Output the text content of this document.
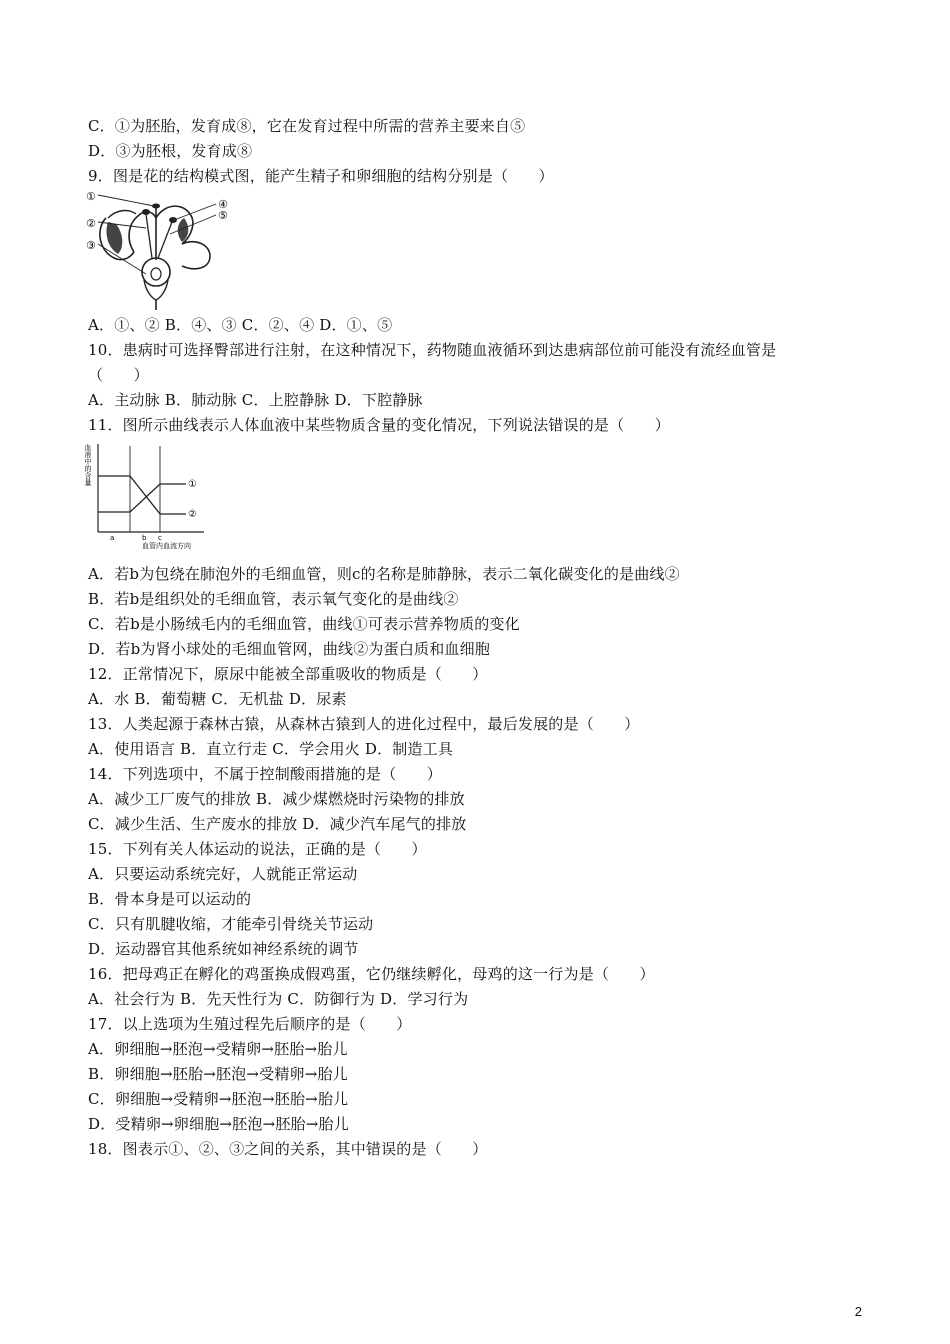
C．①为胚胎，发育成⑧，它在发育过程中所需的营养主要来自⑤
D．③为胚根，发育成⑧
9．图是花的结构模式图，能产生精子和卵细胞的结构分别是（　　）
①
②
③
④
⑤
A．①、② B．④、③ C．②、④ D．①、⑤
10．患病时可选择臀部进行注射，在这种情况下，药物随血液循环到达患病部位前可能没有流经血管是
（　　）
A．主动脉 B．肺动脉 C．上腔静脉 D．下腔静脉
11．图所示曲线表示人体血液中某些物质含量的变化情况，下列说法错误的是（　　）
血液中的含量	①
②
a	b c
血管内血流方向
A．若b为包绕在肺泡外的毛细血管，则c的名称是肺静脉，表示二氧化碳变化的是曲线②
B．若b是组织处的毛细血管，表示氧气变化的是曲线②
C．若b是小肠绒毛内的毛细血管，曲线①可表示营养物质的变化
D．若b为肾小球处的毛细血管网，曲线②为蛋白质和血细胞
12．正常情况下，原尿中能被全部重吸收的物质是（　　）
A．水 B．葡萄糖 C．无机盐 D．尿素
13．人类起源于森林古猿，从森林古猿到人的进化过程中，最后发展的是（　　）
A．使用语言 B．直立行走 C．学会用火 D．制造工具
14．下列选项中，不属于控制酸雨措施的是（　　）
A．减少工厂废气的排放 B．减少煤燃烧时污染物的排放
C．减少生活、生产废水的排放 D．减少汽车尾气的排放
15．下列有关人体运动的说法，正确的是（　　）
A．只要运动系统完好，人就能正常运动
B．骨本身是可以运动的
C．只有肌腱收缩，才能牵引骨绕关节运动
D．运动器官其他系统如神经系统的调节
16．把母鸡正在孵化的鸡蛋换成假鸡蛋，它仍继续孵化，母鸡的这一行为是（　　）
A．社会行为 B．先天性行为 C．防御行为 D．学习行为
17．以上选项为生殖过程先后顺序的是（　　）
A．卵细胞→胚泡→受精卵→胚胎→胎儿
B．卵细胞→胚胎→胚泡→受精卵→胎儿
C．卵细胞→受精卵→胚泡→胚胎→胎儿
D．受精卵→卵细胞→胚泡→胚胎→胎儿
18．图表示①、②、③之间的关系，其中错误的是（　　）
2
